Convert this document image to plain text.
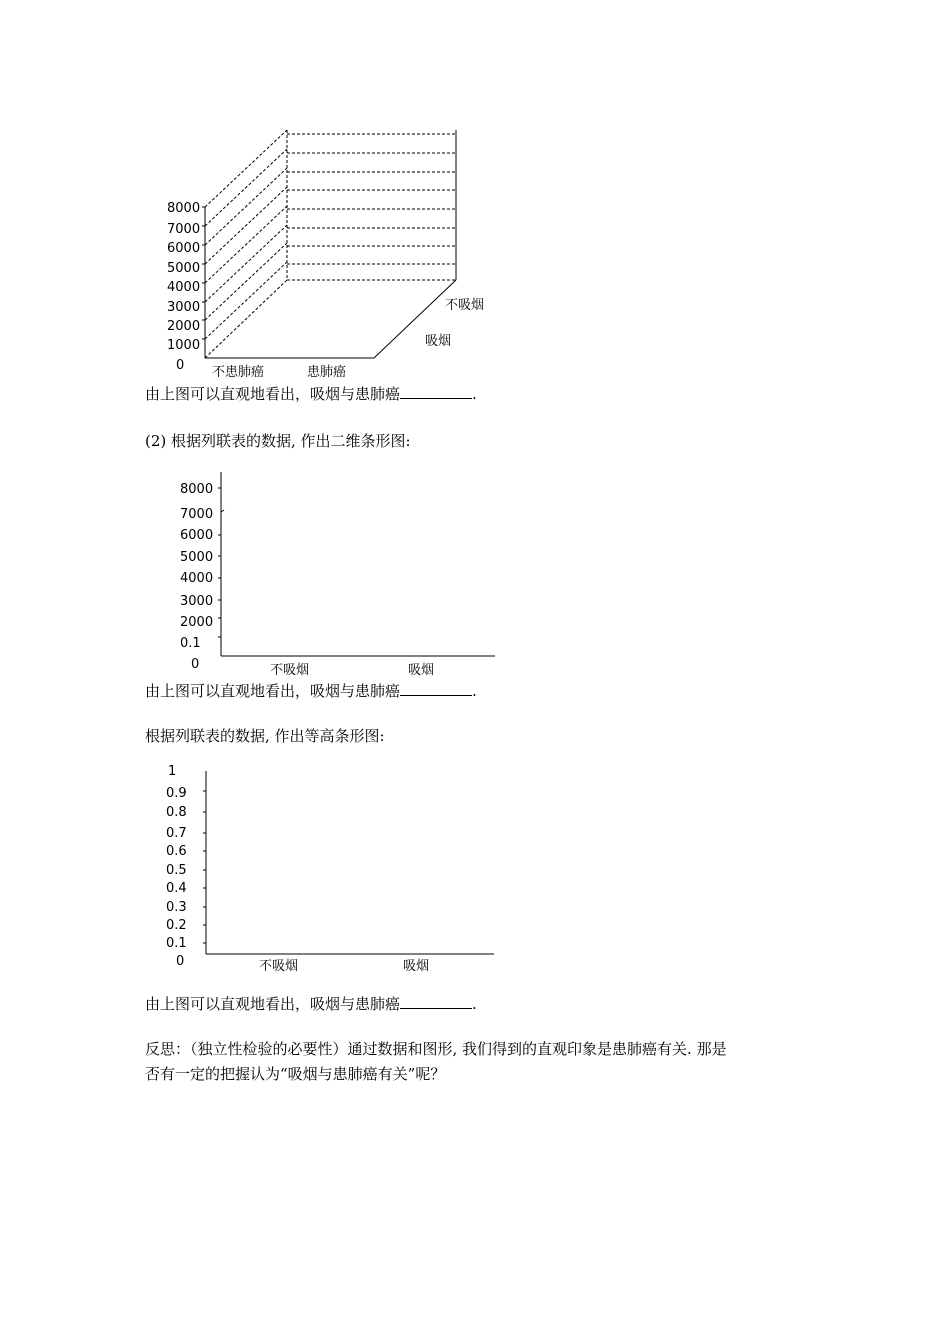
8000
7000
6000
5000
4000
3000
2000
1000
0 不患肺癌	患肺癌
不吸烟
吸烟
由上图可以直观地看出，吸烟与患肺癌	.
(2) 根据列联表的数据, 作出二维条形图:
8000
7000
6000
5000
4000
3000
2000
0.1
0	不吸烟	吸烟
由上图可以直观地看出，吸烟与患肺癌	.
根据列联表的数据, 作出等高条形图:
1
0.9
0.8
0.7
0.6
0.5
0.4
0.3
0.2
0.1
0	不吸烟	吸烟
由上图可以直观地看出，吸烟与患肺癌	.
反思：（独立性检验的必要性）通过数据和图形, 我们得到的直观印象是患肺癌有关. 那是
否有一定的把握认为“吸烟与患肺癌有关”呢？
